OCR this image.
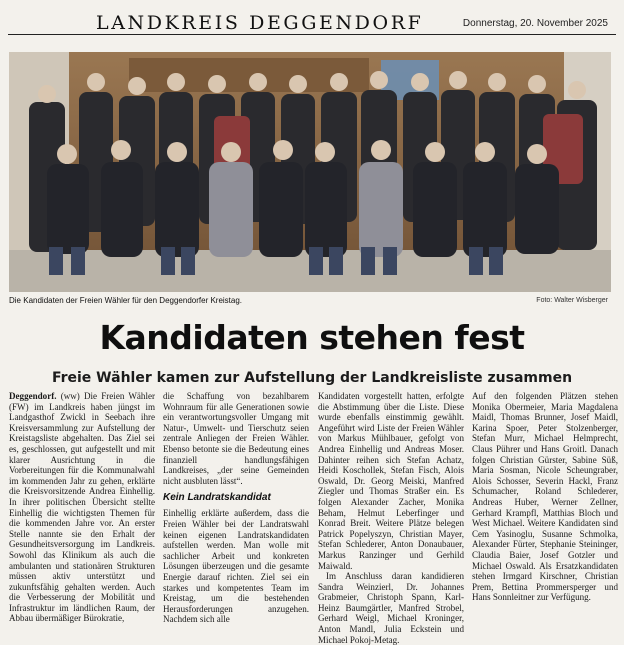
LANDKREIS DEGGENDORF	Donnerstag, 20. November 2025
Die Kandidaten der Freien Wähler für den Deggendorfer Kreistag.	Foto: Walter Wisberger
Kandidaten stehen fest
Freie Wähler kamen zur Aufstellung der Landkreisliste zusammen

Deggendorf. (ww) Die Freien Wähler (FW) im Landkreis haben jüngst im Landgasthof Zwickl in Seebach ihre Kreisversammlung zur Aufstellung der Kreistagsliste abgehalten. Das Ziel sei es, geschlossen, gut aufgestellt und mit klarer Ausrichtung in die Vorbereitungen für die Kommunalwahl im kommenden Jahr zu gehen, erklärte die Kreisvorsitzende Andrea Einhellig. In ihrer politischen Übersicht stellte Einhellig die wichtigsten Themen für die kommenden Jahre vor. An erster Stelle nannte sie den Erhalt der Gesundheitsversorgung im Landkreis. Sowohl das Klinikum als auch die ambulanten und stationären Strukturen müssen aktiv unterstützt und zukunftsfähig gehalten werden. Auch die Verbesserung der Mobilität und Infrastruktur im ländlichen Raum, der Abbau übermäßiger Bürokratie,

die Schaffung von bezahlbarem Wohnraum für alle Generationen sowie ein verantwortungsvoller Umgang mit Natur-, Umwelt- und Tierschutz seien zentrale Anliegen der Freien Wähler. Ebenso betonte sie die Bedeutung eines finanziell handlungsfähigen Landkreises, „der seine Gemeinden nicht ausbluten lässt“.

Kein Landratskandidat

Einhellig erklärte außerdem, dass die Freien Wähler bei der Landratswahl keinen eigenen Landratskandidaten aufstellen werden. Man wolle mit sachlicher Arbeit und konkreten Lösungen überzeugen und die gesamte Energie darauf richten. Ziel sei ein starkes und kompetentes Team im Kreistag, um die bestehenden Herausforderungen anzugehen. Nachdem sich alle

Kandidaten vorgestellt hatten, erfolgte die Abstimmung über die Liste. Diese wurde ebenfalls einstimmig gewählt. Angeführt wird Liste der Freien Wähler von Markus Mühlbauer, gefolgt von Andrea Einhellig und Andreas Moser. Dahinter reihen sich Stefan Achatz, Heidi Koschollek, Stefan Fisch, Alois Oswald, Dr. Georg Meiski, Manfred Ziegler und Thomas Straßer ein. Es folgen Alexander Zacher, Monika Beham, Helmut Leberfinger und Konrad Breit. Weitere Plätze belegen Patrick Popelyszyn, Christian Mayer, Stefan Schlederer, Anton Donaubauer, Markus Ranzinger und Gerhild Maiwald.

Im Anschluss daran kandidieren Sandra Weinzierl, Dr. Johannes Grabmeier, Christoph Spann, Karl-Heinz Baumgärtler, Manfred Strobel, Gerhard Weigl, Michael Kroninger, Anton Mandl, Julia Eckstein und Michael Pokoj-Metag.

Auf den folgenden Plätzen stehen Monika Obermeier, Maria Magdalena Maidl, Thomas Brunner, Josef Maidl, Karina Spoer, Peter Stolzenberger, Stefan Murr, Michael Helmprecht, Claus Pührer und Hans Groitl. Danach folgen Christian Gürster, Sabine Süß, Maria Sosman, Nicole Scheungraber, Alois Schosser, Severin Hackl, Franz Schumacher, Roland Schlederer, Andreas Huber, Werner Zellner, Gerhard Krampfl, Matthias Bloch und West Michael. Weitere Kandidaten sind Cem Yasinoglu, Susanne Schmolka, Alexander Fürter, Stephanie Steininger, Claudia Baier, Josef Gotzler und Michael Oswald. Als Ersatzkandidaten stehen Irmgard Kirschner, Christian Prem, Bettina Prommersperger und Hans Sonnleitner zur Verfügung.
